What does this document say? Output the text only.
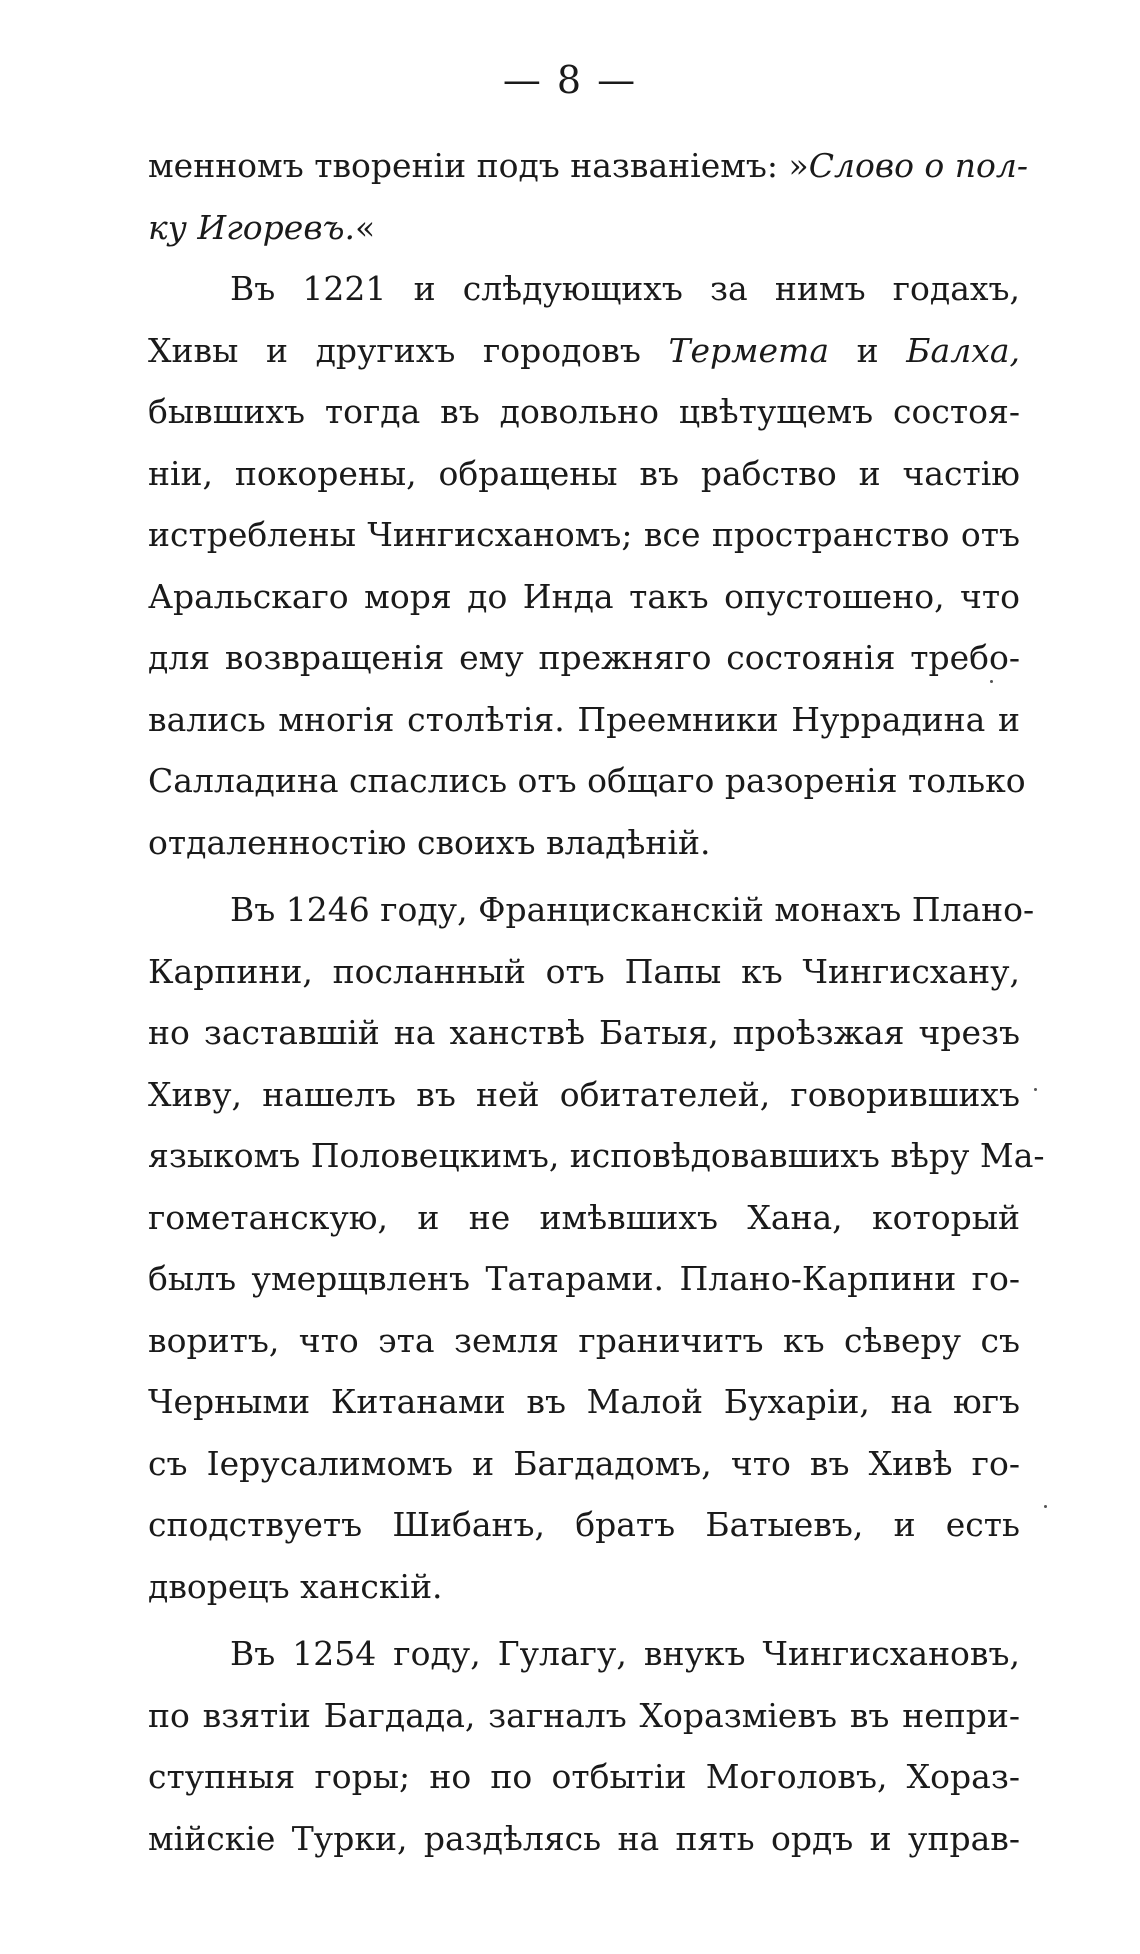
— 8 —
менномъ твореніи подъ названіемъ: »Слово о пол-
ку Игоревъ.«
Въ 1221 и слѣдующихъ за нимъ годахъ,
Хивы и другихъ городовъ Термета и Балха,
бывшихъ тогда въ довольно цвѣтущемъ состоя-
ніи, покорены, обращены въ рабство и частію
истреблены Чингисханомъ; все пространство отъ
Аральскаго моря до Инда такъ опустошено, что
для возвращенія ему прежняго состоянія требо-
вались многія столѣтія. Преемники Нуррадина и
Салладина спаслись отъ общаго разоренія только
отдаленностію своихъ владѣній.
Въ 1246 году, Францисканскій монахъ Плано-
Карпини, посланный отъ Папы къ Чингисхану,
но заставшій на ханствѣ Батыя, проѣзжая чрезъ
Хиву, нашелъ въ ней обитателей, говорившихъ
языкомъ Половецкимъ, исповѣдовавшихъ вѣру Ма-
гометанскую, и не имѣвшихъ Хана, который
былъ умерщвленъ Татарами. Плано-Карпини го-
воритъ, что эта земля граничитъ къ сѣверу съ
Черными Китанами въ Малой Бухаріи, на югъ
съ Іерусалимомъ и Багдадомъ, что въ Хивѣ го-
сподствуетъ Шибанъ, братъ Батыевъ, и есть
дворецъ ханскій.
Въ 1254 году, Гулагу, внукъ Чингисхановъ,
по взятіи Багдада, загналъ Хоразміевъ въ непри-
ступныя горы; но по отбытіи Моголовъ, Хораз-
мійскіе Турки, раздѣлясь на пять ордъ и управ-
